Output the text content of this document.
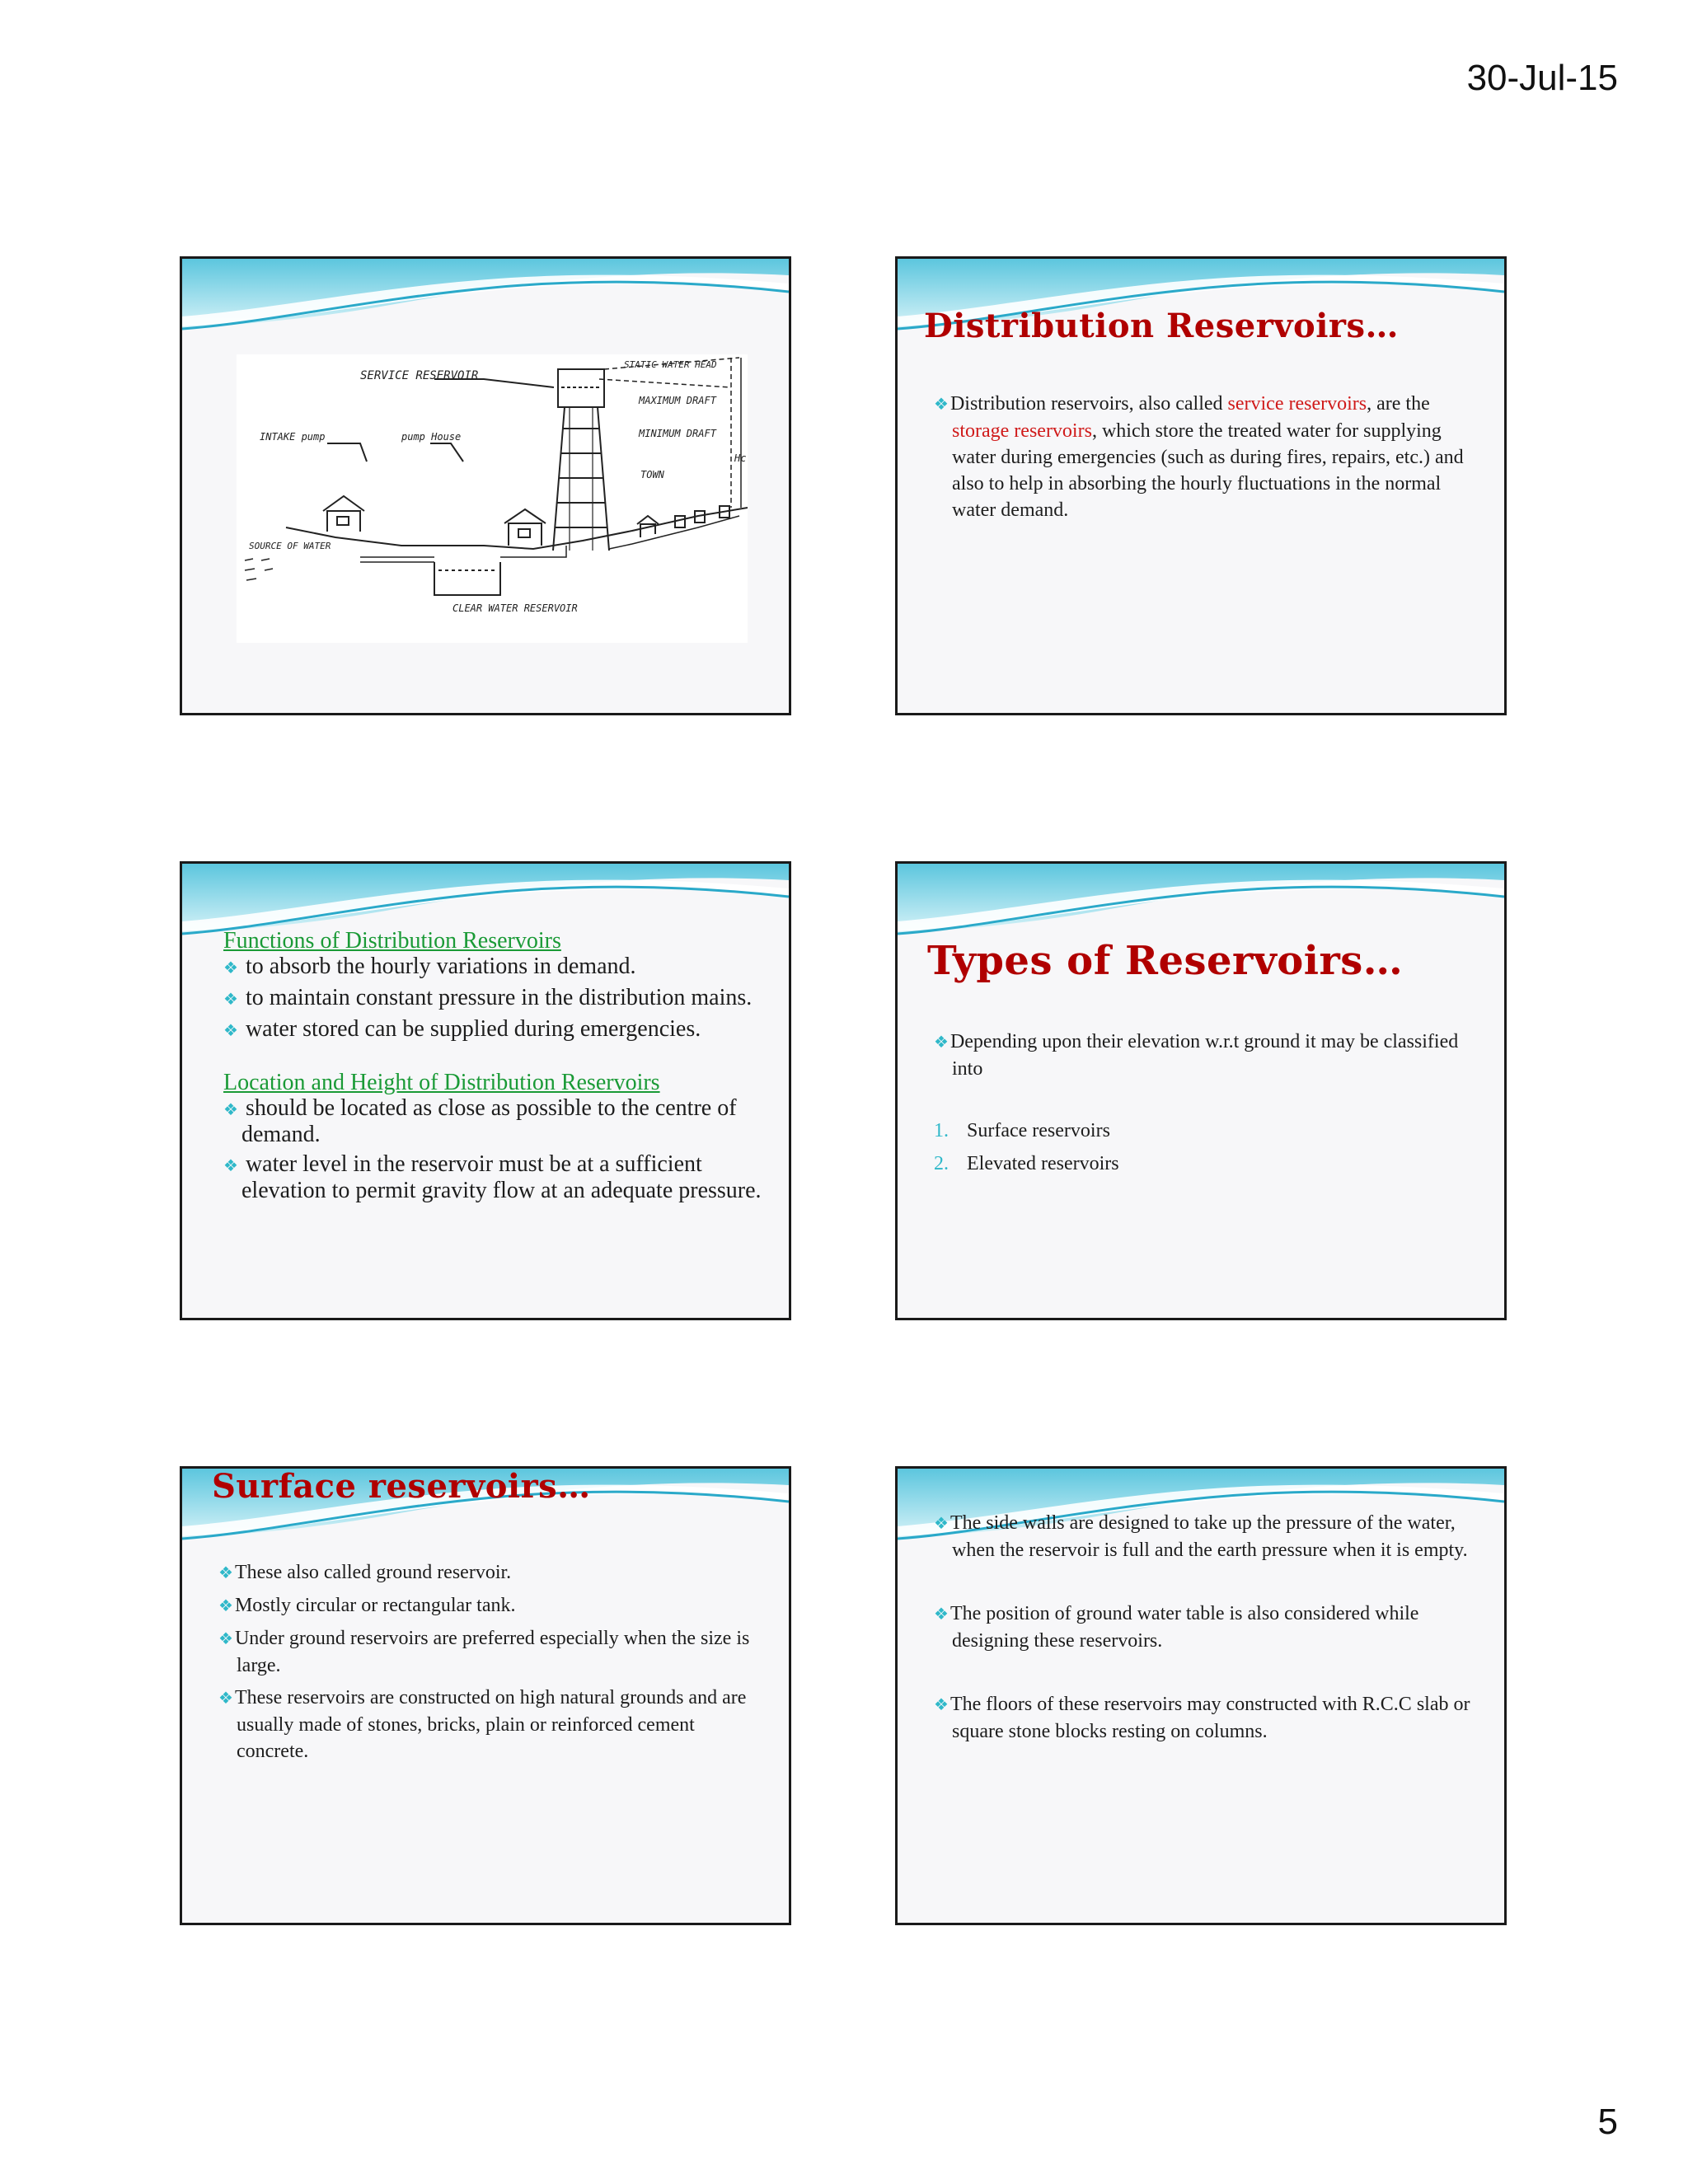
30-Jul-15
STATIC WATER HEAD
SERVICE RESERVOIR
MAXIMUM DRAFT
MINIMUM DRAFT
Hc
TOWN
INTAKE pump	pump House
SOURCE OF WATER
CLEAR WATER RESERVOIR
Distribution Reservoirs…

❖Distribution reservoirs, also called service reservoirs, are the storage reservoirs, which store the treated water for supplying water during emergencies (such as during fires, repairs, etc.) and also to help in absorbing the hourly fluctuations in the normal water demand.

Functions of Distribution Reservoirs

❖ to absorb the hourly variations in demand.

❖ to maintain constant pressure in the distribution mains.

❖ water stored can be supplied during emergencies.

Location and Height of Distribution Reservoirs

❖ should be located as close as possible to the centre of demand.

❖ water level in the reservoir must be at a sufficient elevation to permit gravity flow at an adequate pressure.

Types of Reservoirs…

❖Depending upon their elevation w.r.t ground it may be classified into

1. Surface reservoirs
2. Elevated reservoirs
Surface reservoirs…

❖These also called ground reservoir.

❖Mostly circular or rectangular tank.

❖Under ground reservoirs are preferred especially when the size is large.

❖These reservoirs are constructed on high natural grounds and are usually made of stones, bricks, plain or reinforced cement concrete.

❖The side walls are designed to take up the pressure of the water, when the reservoir is full and the earth pressure when it is empty.

❖The position of ground water table is also considered while designing these reservoirs.

❖The floors of these reservoirs may constructed with R.C.C slab or square stone blocks resting on columns.

5
